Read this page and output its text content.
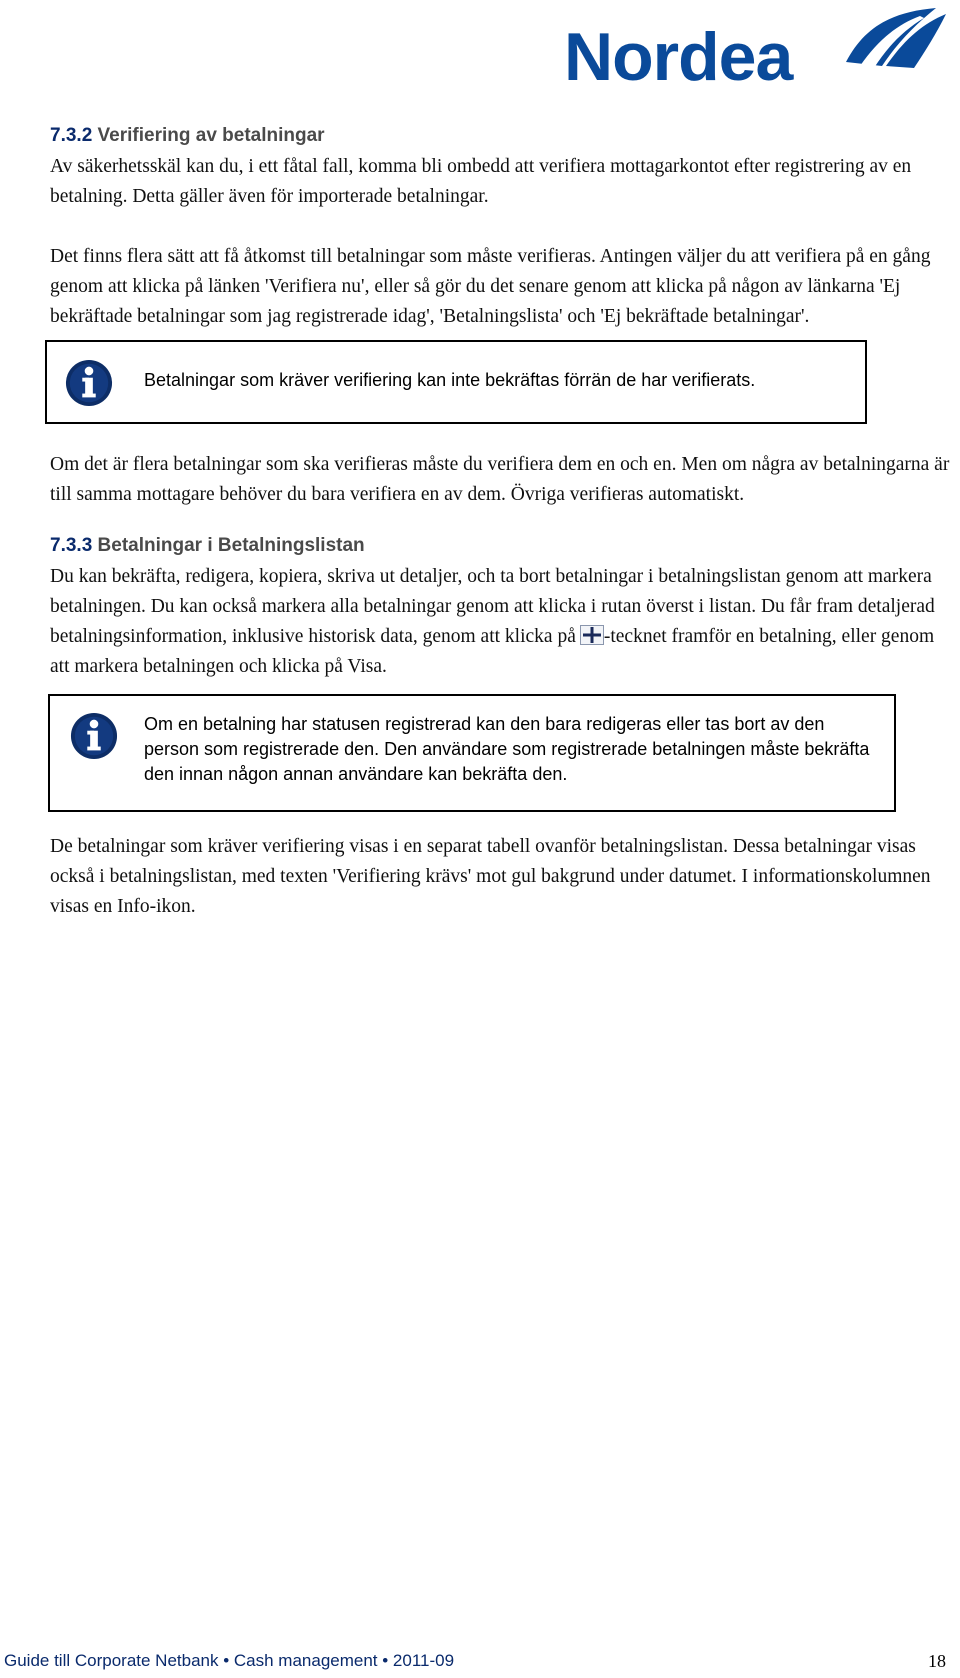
Nordea
7.3.2 Verifiering av betalningar

Av säkerhetsskäl kan du, i ett fåtal fall, komma bli ombedd att verifiera mottagarkontot efter registrering av en betalning. Detta gäller även för importerade betalningar.

Det finns flera sätt att få åtkomst till betalningar som måste verifieras. Antingen väljer du att verifiera på en gång genom att klicka på länken 'Verifiera nu', eller så gör du det senare genom att klicka på någon av länkarna 'Ej bekräftade betalningar som jag registrerade idag', 'Betalningslista' och 'Ej bekräftade betalningar'.

Betalningar som kräver verifiering kan inte bekräftas förrän de har verifierats.

Om det är flera betalningar som ska verifieras måste du verifiera dem en och en. Men om några av betalningarna är till samma mottagare behöver du bara verifiera en av dem. Övriga verifieras automatiskt.

7.3.3 Betalningar i Betalningslistan

Du kan bekräfta, redigera, kopiera, skriva ut detaljer, och ta bort betalningar i betalningslistan genom att markera betalningen. Du kan också markera alla betalningar genom att klicka i rutan överst i listan. Du får fram detaljerad betalningsinformation, inklusive historisk data, genom att klicka på -tecknet framför en betalning, eller genom att markera betalningen och klicka på Visa.

Om en betalning har statusen registrerad kan den bara redigeras eller tas bort av den person som registrerade den. Den användare som registrerade betalningen måste bekräfta den innan någon annan användare kan bekräfta den.

De betalningar som kräver verifiering visas i en separat tabell ovanför betalningslistan. Dessa betalningar visas också i betalningslistan, med texten 'Verifiering krävs' mot gul bakgrund under datumet. I informationskolumnen visas en Info-ikon.

Guide till Corporate Netbank • Cash management • 2011-09	18
